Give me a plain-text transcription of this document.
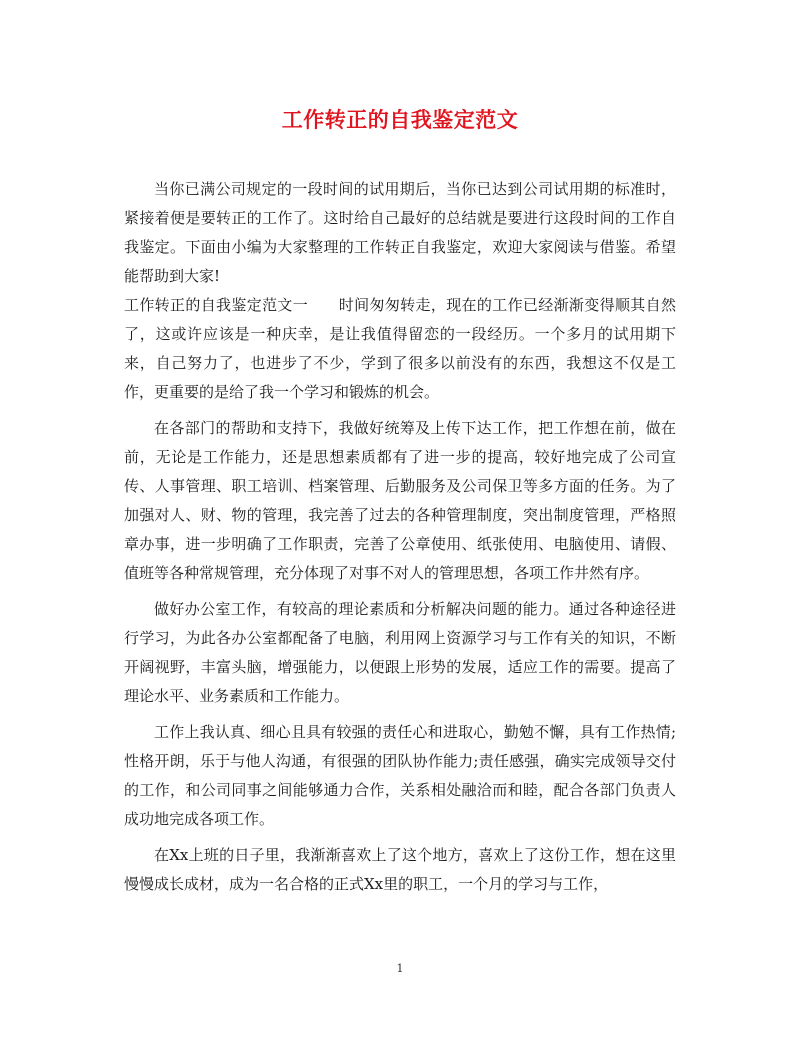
工作转正的自我鉴定范文

当你已满公司规定的一段时间的试用期后，当你已达到公司试用期的标准时，紧接着便是要转正的工作了。这时给自己最好的总结就是要进行这段时间的工作自我鉴定。下面由小编为大家整理的工作转正自我鉴定，欢迎大家阅读与借鉴。希望能帮助到大家!

工作转正的自我鉴定范文一 时间匆匆转走，现在的工作已经渐渐变得顺其自然了，这或许应该是一种庆幸，是让我值得留恋的一段经历。一个多月的试用期下来，自己努力了，也进步了不少，学到了很多以前没有的东西，我想这不仅是工作，更重要的是给了我一个学习和锻炼的机会。

在各部门的帮助和支持下，我做好统筹及上传下达工作，把工作想在前，做在前，无论是工作能力，还是思想素质都有了进一步的提高，较好地完成了公司宣传、人事管理、职工培训、档案管理、后勤服务及公司保卫等多方面的任务。为了加强对人、财、物的管理，我完善了过去的各种管理制度，突出制度管理，严格照章办事，进一步明确了工作职责，完善了公章使用、纸张使用、电脑使用、请假、值班等各种常规管理，充分体现了对事不对人的管理思想，各项工作井然有序。

做好办公室工作，有较高的理论素质和分析解决问题的能力。通过各种途径进行学习，为此各办公室都配备了电脑，利用网上资源学习与工作有关的知识，不断开阔视野，丰富头脑，增强能力，以便跟上形势的发展，适应工作的需要。提高了理论水平、业务素质和工作能力。

工作上我认真、细心且具有较强的责任心和进取心，勤勉不懈，具有工作热情;性格开朗，乐于与他人沟通，有很强的团队协作能力;责任感强，确实完成领导交付的工作，和公司同事之间能够通力合作，关系相处融洽而和睦，配合各部门负责人成功地完成各项工作。

在Xx上班的日子里，我渐渐喜欢上了这个地方，喜欢上了这份工作，想在这里慢慢成长成材，成为一名合格的正式Xx里的职工，一个月的学习与工作，

1
